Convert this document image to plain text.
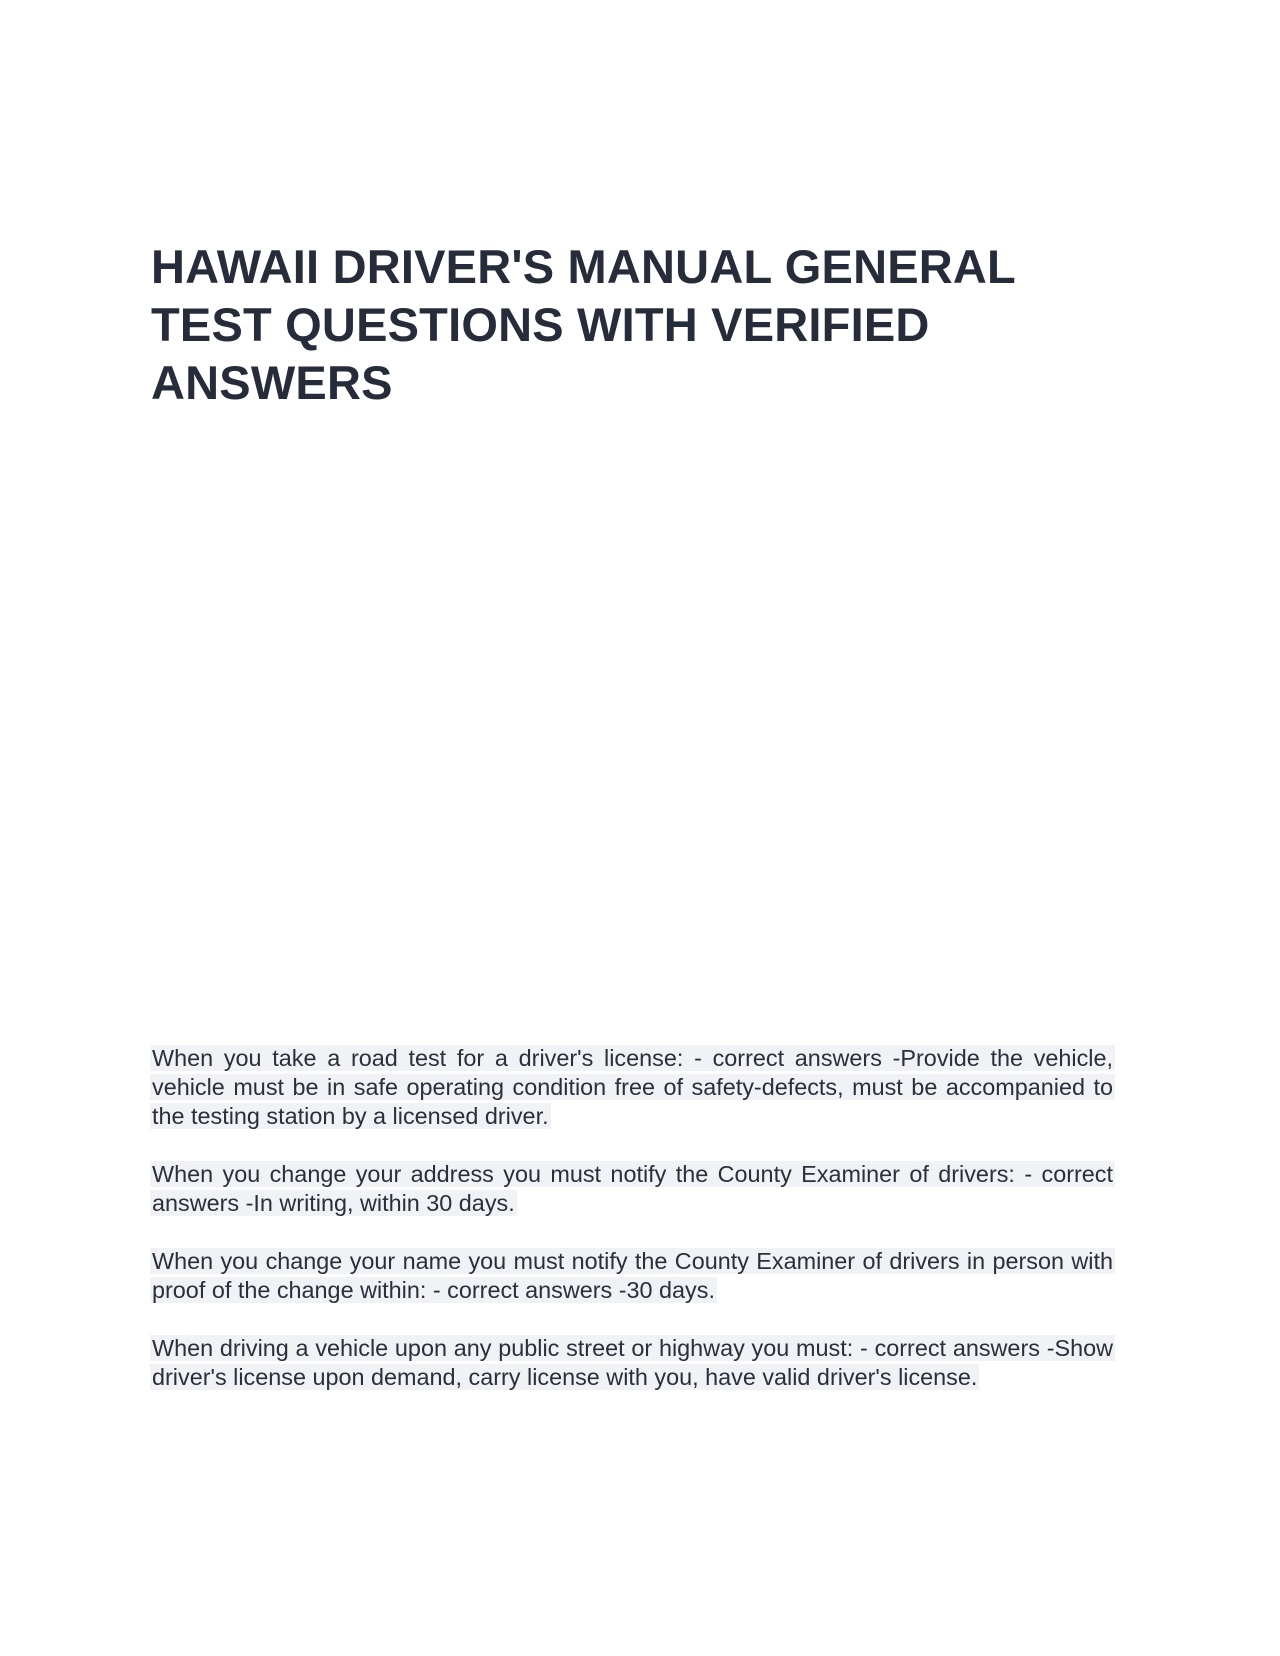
HAWAII DRIVER'S MANUAL GENERAL TEST QUESTIONS WITH VERIFIED ANSWERS

When you take a road test for a driver's license: - correct answers -Provide the vehicle, vehicle must be in safe operating condition free of safety-defects, must be accompanied to the testing station by a licensed driver.

When you change your address you must notify the County Examiner of drivers: - correct answers -In writing, within 30 days.

When you change your name you must notify the County Examiner of drivers in person with proof of the change within: - correct answers -30 days.

When driving a vehicle upon any public street or highway you must: - correct answers -Show driver's license upon demand, carry license with you, have valid driver's license.
